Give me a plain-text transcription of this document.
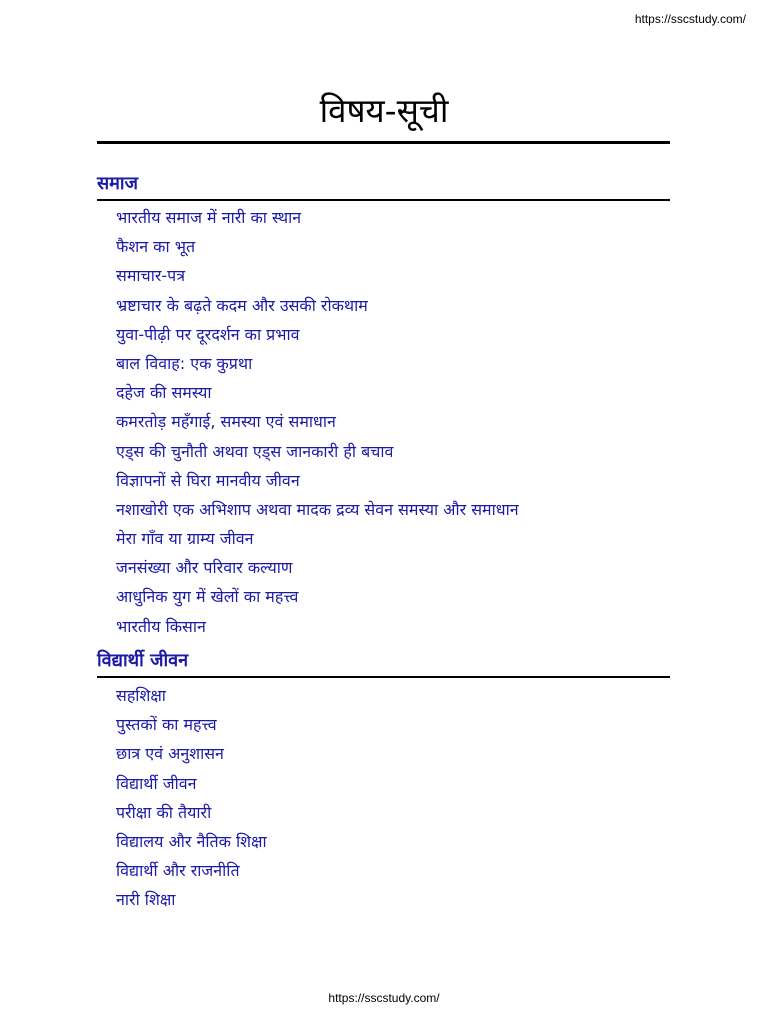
https://sscstudy.com/
विषय-सूची
समाज
भारतीय समाज में नारी का स्थान
फैशन का भूत
समाचार-पत्र
भ्रष्टाचार के बढ़ते कदम और उसकी रोकथाम
युवा-पीढ़ी पर दूरदर्शन का प्रभाव
बाल विवाह: एक कुप्रथा
दहेज की समस्या
कमरतोड़ महँगाई, समस्या एवं समाधान
एड्स की चुनौती अथवा एड्स जानकारी ही बचाव
विज्ञापनों से घिरा मानवीय जीवन
नशाखोरी एक अभिशाप अथवा मादक द्रव्य सेवन समस्या और समाधान
मेरा गाँव या ग्राम्य जीवन
जनसंख्या और परिवार कल्याण
आधुनिक युग में खेलों का महत्त्व
भारतीय किसान
विद्यार्थी जीवन
सहशिक्षा
पुस्तकों का महत्त्व
छात्र एवं अनुशासन
विद्यार्थी जीवन
परीक्षा की तैयारी
विद्यालय और नैतिक शिक्षा
विद्यार्थी और राजनीति
नारी शिक्षा
https://sscstudy.com/
